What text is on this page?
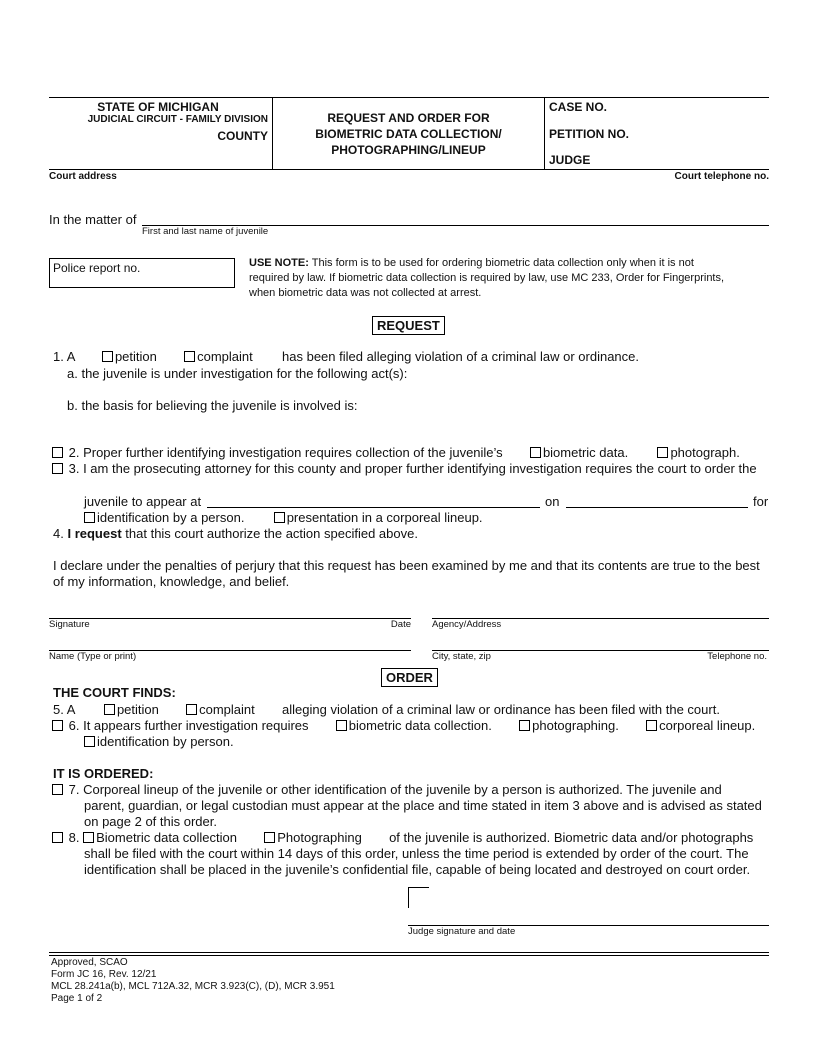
STATE OF MICHIGAN
JUDICIAL CIRCUIT - FAMILY DIVISION
COUNTY
REQUEST AND ORDER FOR
BIOMETRIC DATA COLLECTION/
PHOTOGRAPHING/LINEUP
CASE NO.
PETITION NO.
JUDGE
Court address	Court telephone no.
In the matter of
First and last name of juvenile
Police report no.	USE NOTE: This form is to be used for ordering biometric data collection only when it is not
required by law. If biometric data collection is required by law, use MC 233, Order for Fingerprints,
when biometric data was not collected at arrest.
REQUEST
1. A	petition	complaint has been filed alleging violation of a criminal law or ordinance.
a. the juvenile is under investigation for the following act(s):
b. the basis for believing the juvenile is involved is:
2. Proper further identifying investigation requires collection of the juvenile’s	biometric data.	photograph.
3. I am the prosecuting attorney for this county and proper further identifying investigation requires the court to order the
juvenile to appear at	on	for
identification by a person.	presentation in a corporeal lineup.
4. I request that this court authorize the action specified above.
I declare under the penalties of perjury that this request has been examined by me and that its contents are true to the best
of my information, knowledge, and belief.
Signature	Date Agency/Address
Name (Type or print)	City, state, zip	Telephone no.
ORDER
THE COURT FINDS:
5. A	petition	complaint alleging violation of a criminal law or ordinance has been filed with the court.
6. It appears further investigation requires	biometric data collection.	photographing.	corporeal lineup.
identification by person.
IT IS ORDERED:
7. Corporeal lineup of the juvenile or other identification of the juvenile by a person is authorized. The juvenile and
parent, guardian, or legal custodian must appear at the place and time stated in item 3 above and is advised as stated
on page 2 of this order.
8. Biometric data collection	Photographing of the juvenile is authorized. Biometric data and/or photographs
shall be filed with the court within 14 days of this order, unless the time period is extended by order of the court. The
identification shall be placed in the juvenile’s confidential file, capable of being located and destroyed on court order.
Judge signature and date
Approved, SCAO
Form JC 16, Rev. 12/21
MCL 28.241a(b), MCL 712A.32, MCR 3.923(C), (D), MCR 3.951
Page 1 of 2
